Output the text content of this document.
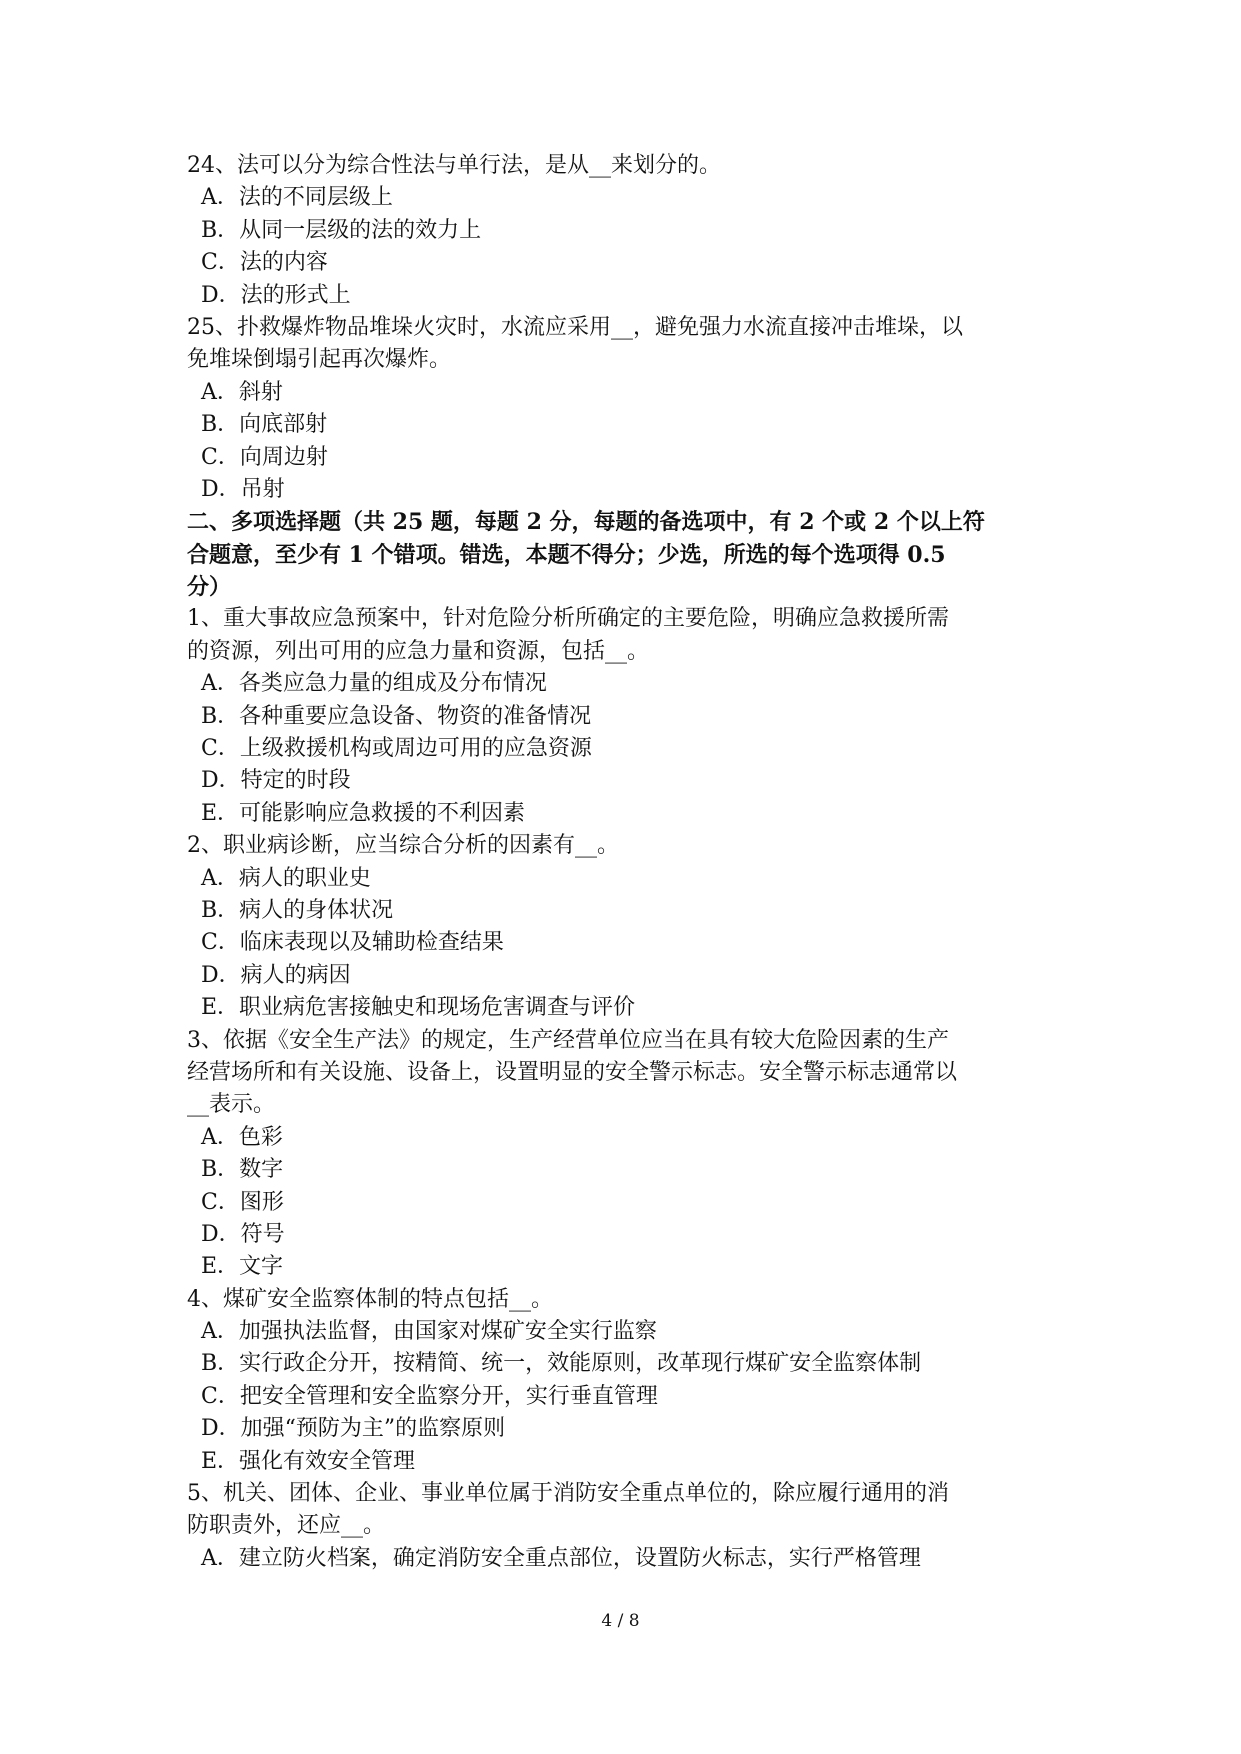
24、法可以分为综合性法与单行法，是从__来划分的。
A．法的不同层级上
B．从同一层级的法的效力上
C．法的内容
D．法的形式上
25、扑救爆炸物品堆垛火灾时，水流应采用__，避免强力水流直接冲击堆垛，以
免堆垛倒塌引起再次爆炸。
A．斜射
B．向底部射
C．向周边射
D．吊射
二、多项选择题（共 25 题，每题 2 分，每题的备选项中，有 2 个或 2 个以上符
合题意，至少有 1 个错项。错选，本题不得分；少选，所选的每个选项得 0.5
分）
1、重大事故应急预案中，针对危险分析所确定的主要危险，明确应急救援所需
的资源，列出可用的应急力量和资源，包括__。
A．各类应急力量的组成及分布情况
B．各种重要应急设备、物资的准备情况
C．上级救援机构或周边可用的应急资源
D．特定的时段
E．可能影响应急救援的不利因素
2、职业病诊断，应当综合分析的因素有__。
A．病人的职业史
B．病人的身体状况
C．临床表现以及辅助检查结果
D．病人的病因
E．职业病危害接触史和现场危害调查与评价
3、依据《安全生产法》的规定，生产经营单位应当在具有较大危险因素的生产
经营场所和有关设施、设备上，设置明显的安全警示标志。安全警示标志通常以
__表示。
A．色彩
B．数字
C．图形
D．符号
E．文字
4、煤矿安全监察体制的特点包括__。
A．加强执法监督，由国家对煤矿安全实行监察
B．实行政企分开，按精简、统一，效能原则，改革现行煤矿安全监察体制
C．把安全管理和安全监察分开，实行垂直管理
D．加强“预防为主”的监察原则
E．强化有效安全管理
5、机关、团体、企业、事业单位属于消防安全重点单位的，除应履行通用的消
防职责外，还应__。
A．建立防火档案，确定消防安全重点部位，设置防火标志，实行严格管理
4 / 8
